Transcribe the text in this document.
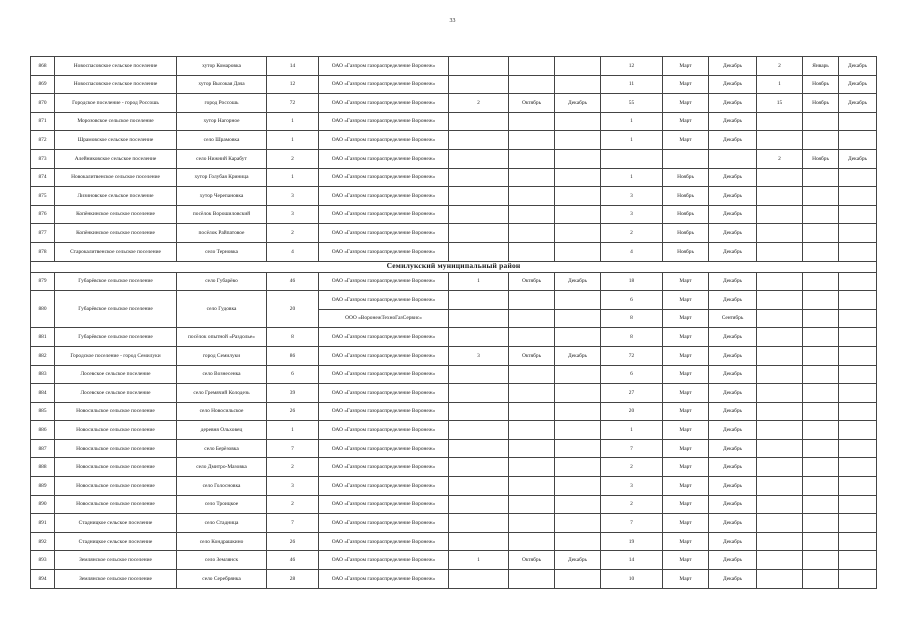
33
868	Новоспасовское сельское поселение	хутор Комаровка	14	ОАО «Газпром газораспределение Воронеж»				12	Март	Декабрь	2	Январь	Декабрь
869	Новоспасовское сельское поселение	хутор Высокая Дача	12	ОАО «Газпром газораспределение Воронеж»				11	Март	Декабрь	1	Ноябрь	Декабрь
870	Городское поселение - город Россошь	город Россошь	72	ОАО «Газпром газораспределение Воронеж»	2	Октябрь	Декабрь	55	Март	Декабрь	15	Ноябрь	Декабрь
871	Морозовское сельское поселение	хутор Нагорное	1	ОАО «Газпром газораспределение Воронеж»				1	Март	Декабрь			
872	Шрамовское сельское поселение	село Шрамовка	1	ОАО «Газпром газораспределение Воронеж»				1	Март	Декабрь			
873	Алейниковское сельское поселение	село Нижний Карабут	2	ОАО «Газпром газораспределение Воронеж»							2	Ноябрь	Декабрь
874	Новокалитвенское сельское поселение	хутор Голубая Криница	1	ОАО «Газпром газораспределение Воронеж»				1	Ноябрь	Декабрь			
875	Лизиновское сельское поселение	хутор Черепановка	3	ОАО «Газпром газораспределение Воронеж»				3	Ноябрь	Декабрь			
876	Копёнкинское сельское поселение	посёлок Ворошиловский	3	ОАО «Газпром газораспределение Воронеж»				3	Ноябрь	Декабрь			
877	Копёнкинское сельское поселение	посёлок Райпатовое	2	ОАО «Газпром газораспределение Воронеж»				2	Ноябрь	Декабрь			
878	Старокалитвенское сельское поселение	село Терновка	4	ОАО «Газпром газораспределение Воронеж»				4	Ноябрь	Декабрь			
Семилукский муниципальный район													
879	Губарёвское сельское поселение	село Губарёво	46	ОАО «Газпром газораспределение Воронеж»	1	Октябрь	Декабрь	18	Март	Декабрь			
880	Губарёвское сельское поселение	село Гудовка	20	ОАО «Газпром газораспределение Воронеж»				6	Март	Декабрь			
				ООО «ВоронежТехноГазСервис»				8	Март	Сентябрь			
881	Губарёвское сельское поселение	посёлок опытной «Раздолье»	8	ОАО «Газпром газораспределение Воронеж»				8	Март	Декабрь			
882	Городское поселение - город Семилуки	город Семилуки	86	ОАО «Газпром газораспределение Воронеж»	3	Октябрь	Декабрь	72	Март	Декабрь			
883	Лосевское сельское поселение	село Вознесенка	6	ОАО «Газпром газораспределение Воронеж»				6	Март	Декабрь			
884	Лосевское сельское поселение	село Гремячий Колодезь	39	ОАО «Газпром газораспределение Воронеж»				27	Март	Декабрь			
885	Новосильское сельское поселение	село Новосильское	26	ОАО «Газпром газораспределение Воронеж»				20	Март	Декабрь			
886	Новосильское сельское поселение	деревня Ольховец	1	ОАО «Газпром газораспределение Воронеж»				1	Март	Декабрь			
887	Новосильское сельское поселение	село Берёзовка	7	ОАО «Газпром газораспределение Воронеж»				7	Март	Декабрь			
888	Новосильское сельское поселение	село Дмитро-Мазовка	2	ОАО «Газпром газораспределение Воронеж»				2	Март	Декабрь			
889	Новосильское сельское поселение	село Голосновка	3	ОАО «Газпром газораспределение Воронеж»				3	Март	Декабрь			
890	Новосильское сельское поселение	село Троицкое	2	ОАО «Газпром газораспределение Воронеж»				2	Март	Декабрь			
891	Стадницкое сельское поселение	село Стадница	7	ОАО «Газпром газораспределение Воронеж»				7	Март	Декабрь			
892	Стадницкое сельское поселение	село Кондрашкино	26	ОАО «Газпром газораспределение Воронеж»				19	Март	Декабрь			
893	Землянское сельское поселение	село Землянск	46	ОАО «Газпром газораспределение Воронеж»	1	Октябрь	Декабрь	14	Март	Декабрь			
894	Землянское сельское поселение	село Серебрянка	28	ОАО «Газпром газораспределение Воронеж»				10	Март	Декабрь			
